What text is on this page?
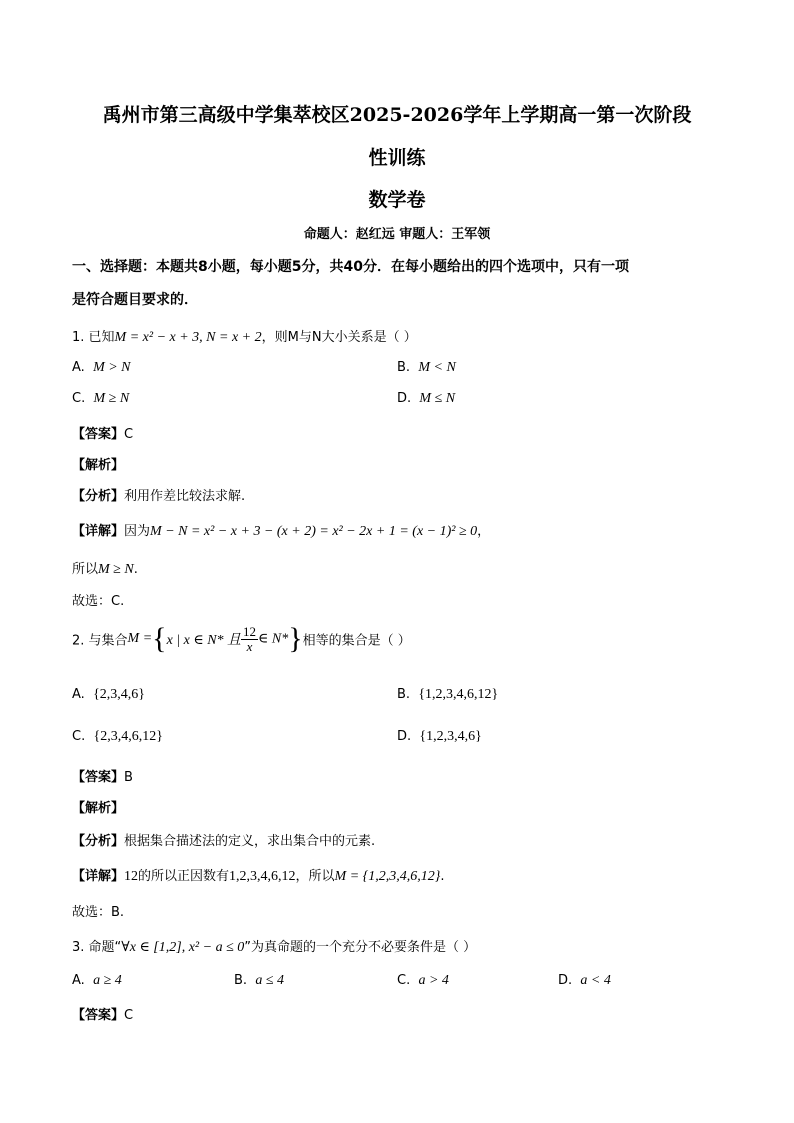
禹州市第三高级中学集萃校区2025-2026学年上学期高一第一次阶段
性训练
数学卷
命题人：赵红远 审题人：王军领
一、选择题：本题共8小题，每小题5分，共40分．在每小题给出的四个选项中，只有一项
是符合题目要求的．
1. 已知M = x² − x + 3, N = x + 2，则M与N大小关系是（ ）
A. M > N	B. M < N
C. M ≥ N	D. M ≤ N
【答案】C
【解析】
【分析】利用作差比较法求解.
【详解】因为M − N = x² − x + 3 − (x + 2) = x² − 2x + 1 = (x − 1)² ≥ 0，
所以M ≥ N.
故选：C.
2. 与集合M ={x | x ∈ N* 且 $\frac{12}{x}$ ∈ N*}相等的集合是（ ）
A. {2,3,4,6}	B. {1,2,3,4,6,12}
C. {2,3,4,6,12}	D. {1,2,3,4,6}
【答案】B
【解析】
【分析】根据集合描述法的定义，求出集合中的元素.
【详解】12的所以正因数有1,2,3,4,6,12，所以M = {1,2,3,4,6,12}.
故选：B.
3. 命题“∀x ∈ [1,2], x² − a ≤ 0”为真命题的一个充分不必要条件是（ ）
A. a ≥ 4	B. a ≤ 4	C. a > 4	D. a < 4
【答案】C
